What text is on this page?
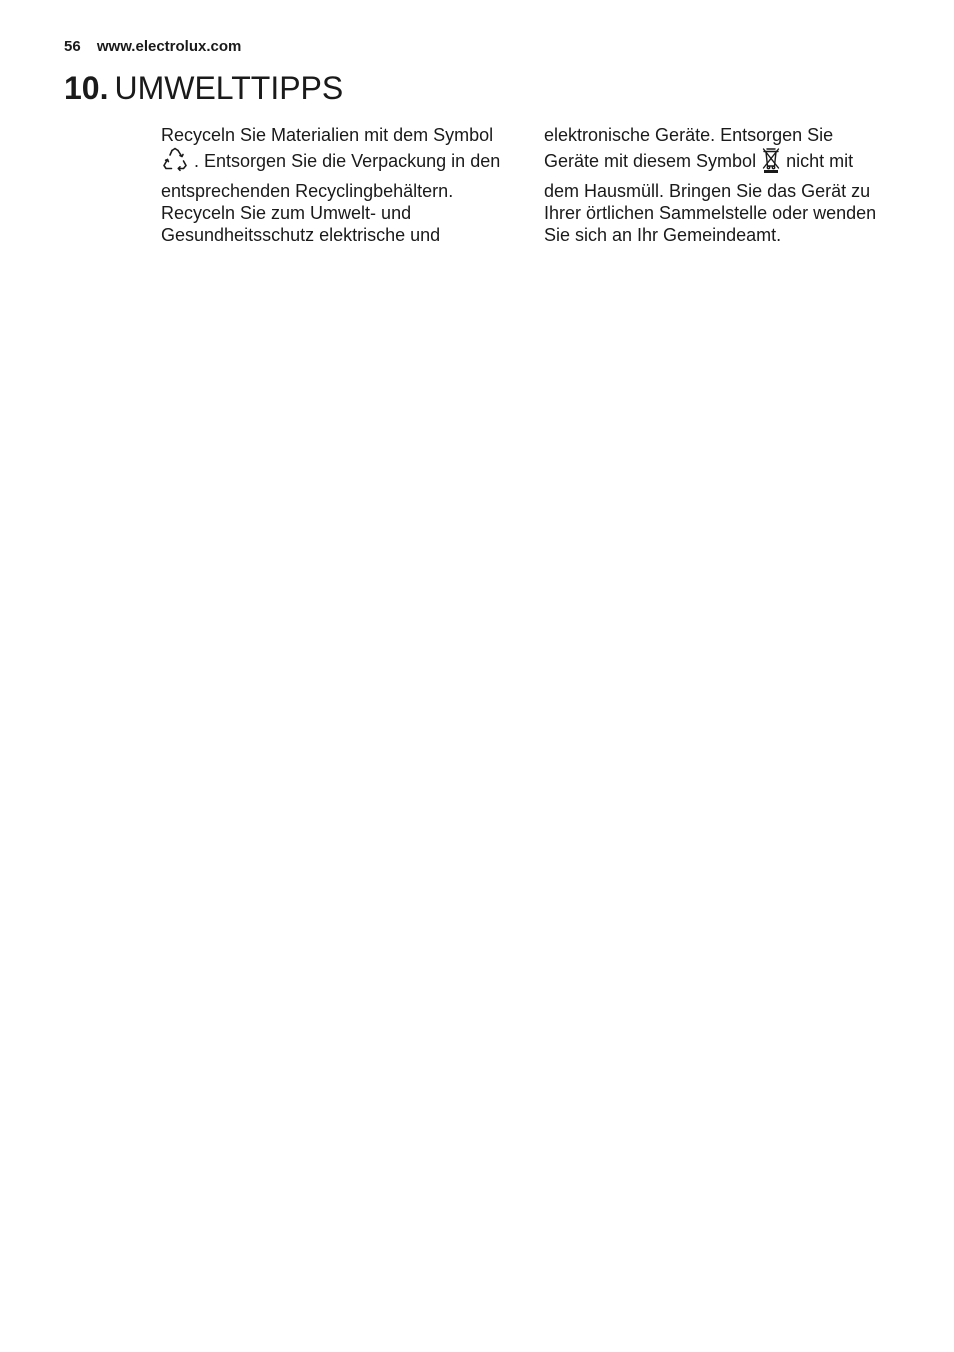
56 www.electrolux.com
10. UMWELTTIPPS
Recyceln Sie Materialien mit dem Symbol
. Entsorgen Sie die Verpackung in den
entsprechenden Recyclingbehältern.
Recyceln Sie zum Umwelt- und
Gesundheitsschutz elektrische und
elektronische Geräte. Entsorgen Sie
Geräte mit diesem Symbol nicht mit
dem Hausmüll. Bringen Sie das Gerät zu
Ihrer örtlichen Sammelstelle oder wenden
Sie sich an Ihr Gemeindeamt.
